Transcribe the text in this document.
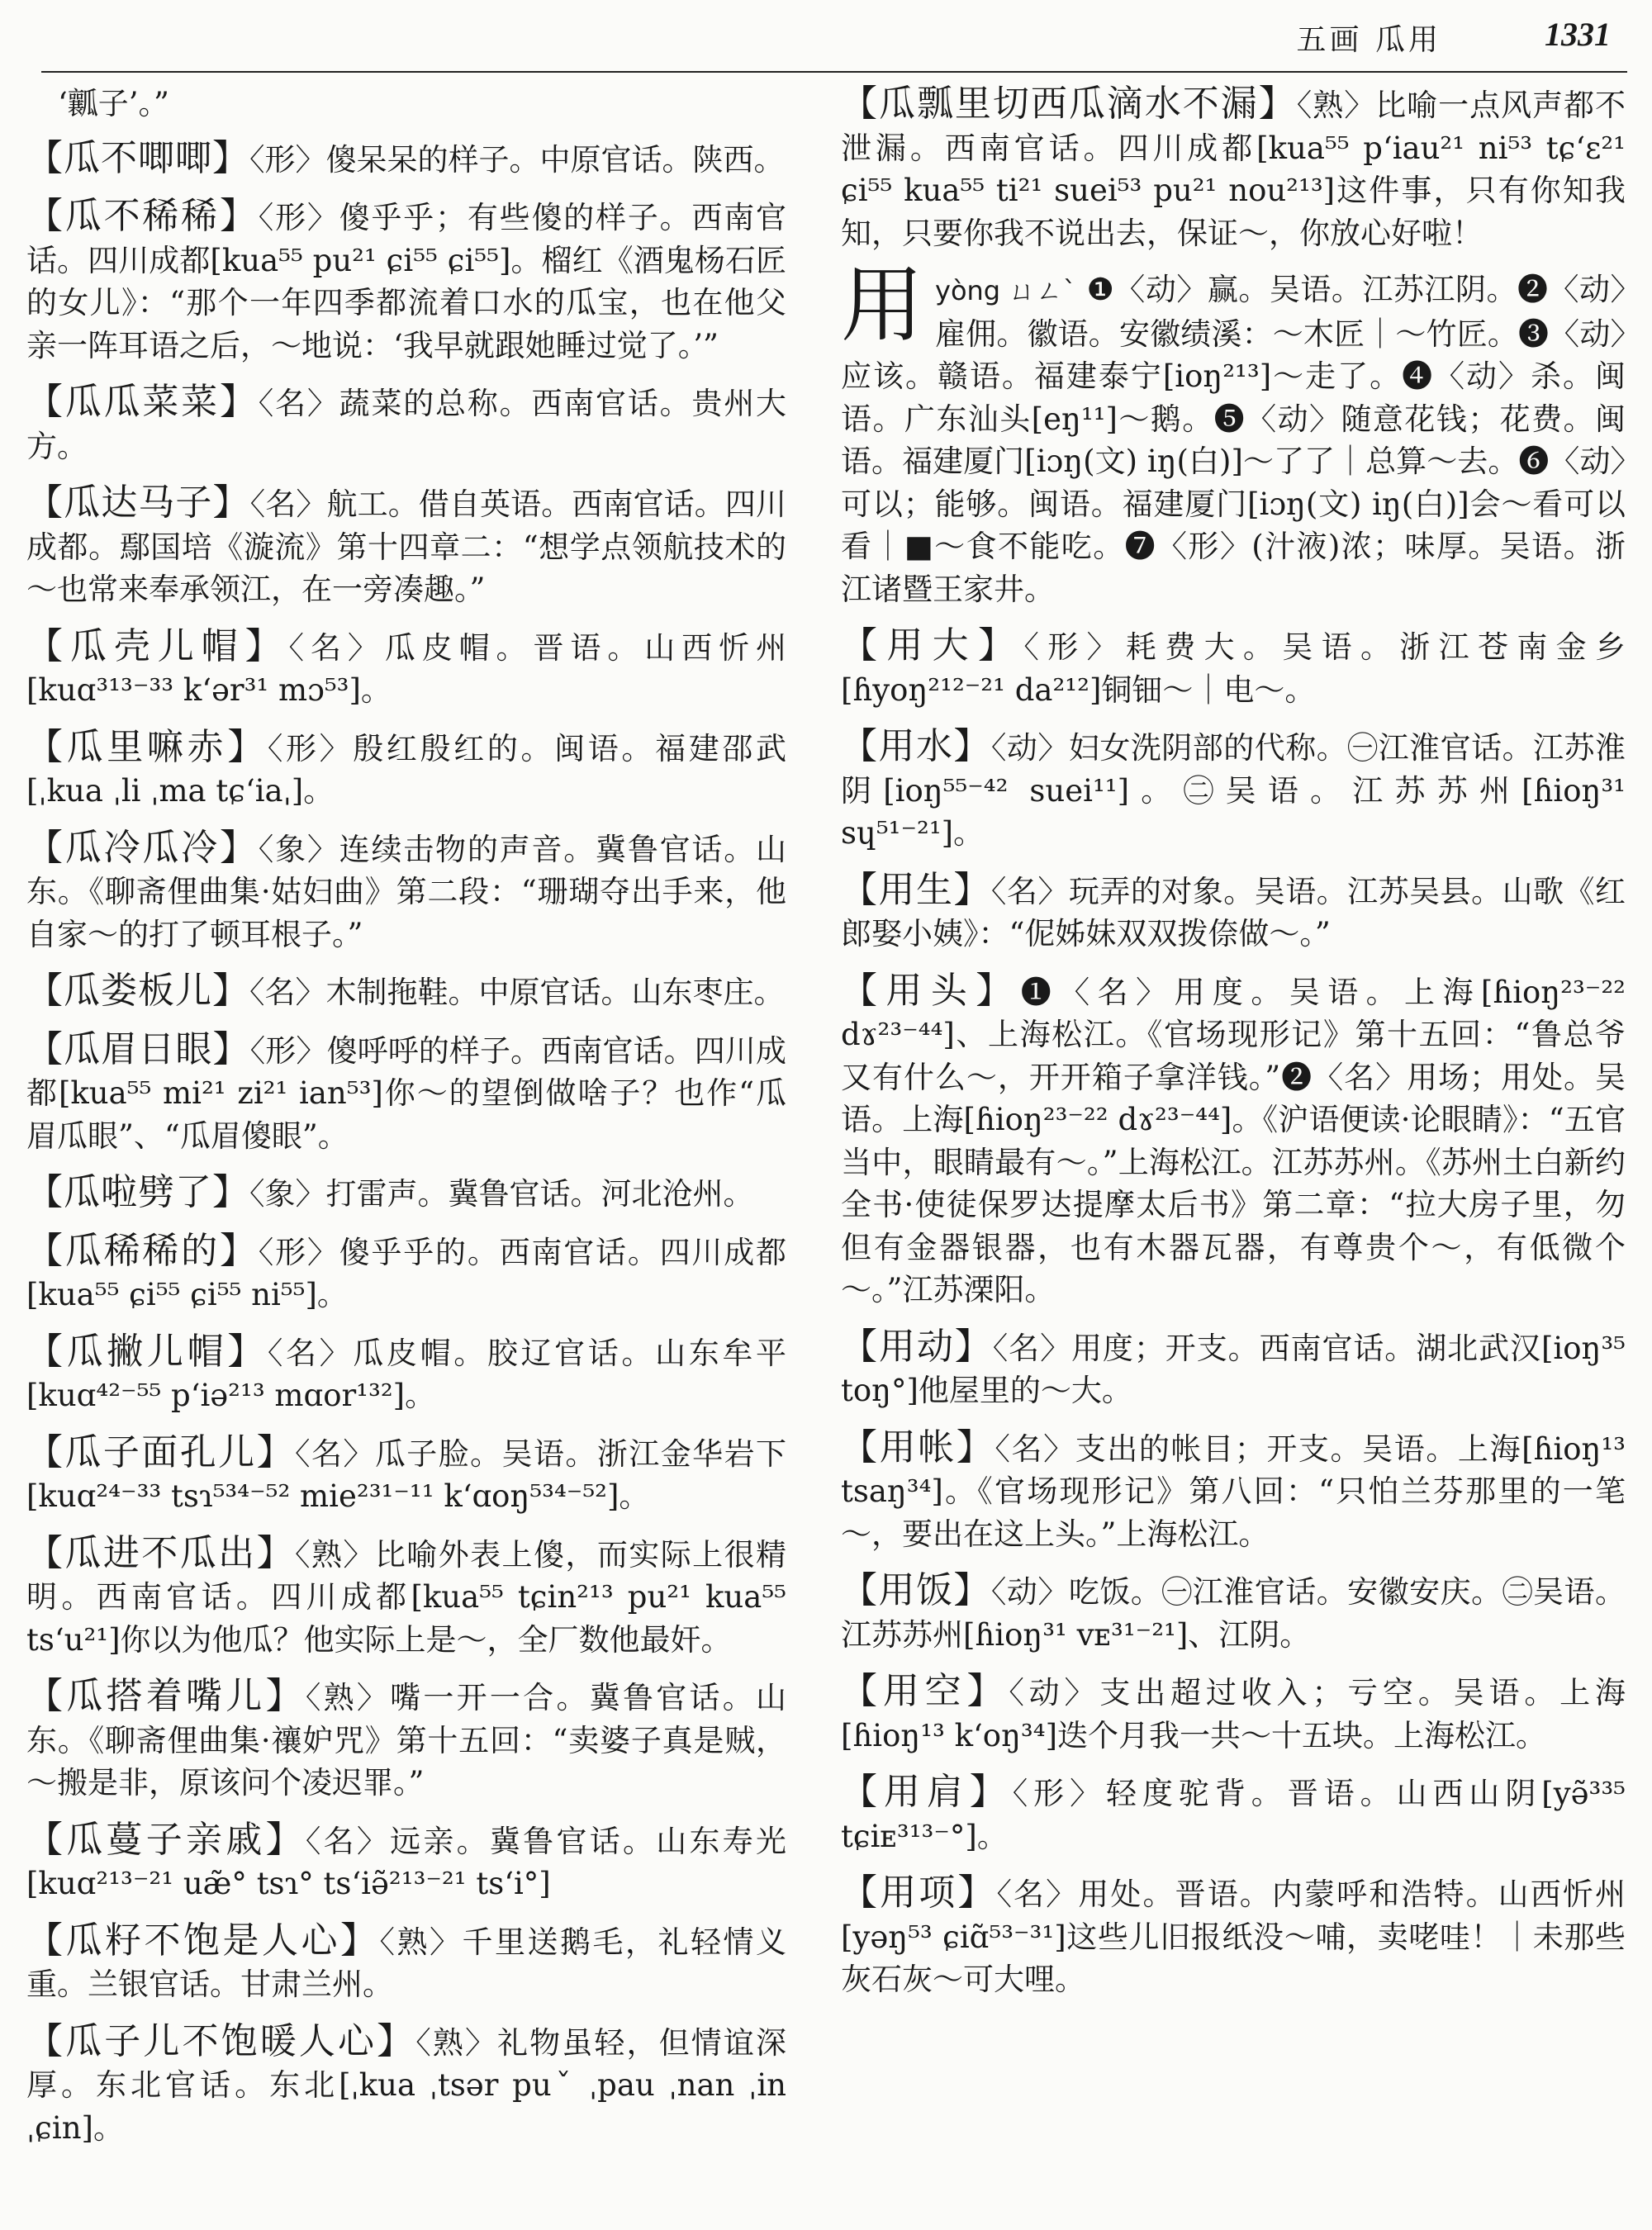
五画 瓜用	1331
‘瓤子’。”
【瓜不唧唧】〈形〉傻呆呆的样子。中原官话。陕西。
【瓜不稀稀】〈形〉傻乎乎；有些傻的样子。西南官话。四川成都[kua⁵⁵ pu²¹ ɕi⁵⁵ ɕi⁵⁵]。榴红《酒鬼杨石匠的女儿》：“那个一年四季都流着口水的瓜宝，也在他父亲一阵耳语之后，～地说：‘我早就跟她睡过觉了。’”
【瓜瓜菜菜】〈名〉蔬菜的总称。西南官话。贵州大方。
【瓜达马子】〈名〉航工。借自英语。西南官话。四川成都。鄢国培《漩流》第十四章二：“想学点领航技术的～也常来奉承领江，在一旁凑趣。”
【瓜壳儿帽】〈名〉瓜皮帽。晋语。山西忻州[kuɑ³¹³⁻³³ k‘ər³¹ mɔ⁵³]。
【瓜里嘛赤】〈形〉殷红殷红的。闽语。福建邵武[ˌkua ˌli ˌma tɕ‘iaˌ]。
【瓜冷瓜冷】〈象〉连续击物的声音。冀鲁官话。山东。《聊斋俚曲集·姑妇曲》第二段：“珊瑚夺出手来，他自家～的打了顿耳根子。”
【瓜娄板儿】〈名〉木制拖鞋。中原官话。山东枣庄。
【瓜眉日眼】〈形〉傻呼呼的样子。西南官话。四川成都[kua⁵⁵ mi²¹ zi²¹ ian⁵³]你～的望倒做啥子？也作“瓜眉瓜眼”、“瓜眉傻眼”。
【瓜啦劈了】〈象〉打雷声。冀鲁官话。河北沧州。
【瓜稀稀的】〈形〉傻乎乎的。西南官话。四川成都[kua⁵⁵ ɕi⁵⁵ ɕi⁵⁵ ni⁵⁵]。
【瓜撇儿帽】〈名〉瓜皮帽。胶辽官话。山东牟平[kuɑ⁴²⁻⁵⁵ p‘iə²¹³ mɑor¹³²]。
【瓜子面孔儿】〈名〉瓜子脸。吴语。浙江金华岩下[kuɑ²⁴⁻³³ tsɿ⁵³⁴⁻⁵² mie²³¹⁻¹¹ k‘ɑoŋ⁵³⁴⁻⁵²]。
【瓜进不瓜出】〈熟〉比喻外表上傻，而实际上很精明。西南官话。四川成都[kua⁵⁵ tɕin²¹³ pu²¹ kua⁵⁵ ts‘u²¹]你以为他瓜？他实际上是～，全厂数他最奸。
【瓜搭着嘴儿】〈熟〉嘴一开一合。冀鲁官话。山东。《聊斋俚曲集·禳妒咒》第十五回：“卖婆子真是贼，～搬是非，原该问个凌迟罪。”
【瓜蔓子亲戚】〈名〉远亲。冀鲁官话。山东寿光[kuɑ²¹³⁻²¹ uæ̃° tsɿ° ts‘iə̃²¹³⁻²¹ ts‘i°]
【瓜籽不饱是人心】〈熟〉千里送鹅毛，礼轻情义重。兰银官话。甘肃兰州。
【瓜子儿不饱暖人心】〈熟〉礼物虽轻，但情谊深厚。东北官话。东北[ˌkua ˌtsər puˇ ˌpau ˌnan ˌin ˌɕin]。
【瓜瓢里切西瓜滴水不漏】〈熟〉比喻一点风声都不泄漏。西南官话。四川成都[kua⁵⁵ p‘iau²¹ ni⁵³ tɕ‘ɛ²¹ ɕi⁵⁵ kua⁵⁵ ti²¹ suei⁵³ pu²¹ nou²¹³]这件事，只有你知我知，只要你我不说出去，保证～，你放心好啦！
用 yòng ㄩㄥˋ ❶〈动〉赢。吴语。江苏江阴。❷〈动〉雇佣。徽语。安徽绩溪：～木匠｜～竹匠。❸〈动〉应该。赣语。福建泰宁[ioŋ²¹³]～走了。❹〈动〉杀。闽语。广东汕头[eŋ¹¹]～鹅。❺〈动〉随意花钱；花费。闽语。福建厦门[iɔŋ(文) iŋ(白)]～了了｜总算～去。❻〈动〉可以；能够。闽语。福建厦门[iɔŋ(文) iŋ(白)]会～看可以看｜■～食不能吃。❼〈形〉(汁液)浓；味厚。吴语。浙江诸暨王家井。
【用大】〈形〉耗费大。吴语。浙江苍南金乡[ɦyoŋ²¹²⁻²¹ da²¹²]铜钿～｜电～。
【用水】〈动〉妇女洗阴部的代称。㊀江淮官话。江苏淮阴[ioŋ⁵⁵⁻⁴² suei¹¹]。㊁吴语。江苏苏州[ɦioŋ³¹ sɥ⁵¹⁻²¹]。
【用生】〈名〉玩弄的对象。吴语。江苏吴县。山歌《红郎娶小姨》：“伲姊妹双双拨倷做～。”
【用头】❶〈名〉用度。吴语。上海[ɦioŋ²³⁻²² dɤ²³⁻⁴⁴]、上海松江。《官场现形记》第十五回：“鲁总爷又有什么～，开开箱子拿洋钱。”❷〈名〉用场；用处。吴语。上海[ɦioŋ²³⁻²² dɤ²³⁻⁴⁴]。《沪语便读·论眼睛》：“五官当中，眼睛最有～。”上海松江。江苏苏州。《苏州土白新约全书·使徒保罗达提摩太后书》第二章：“拉大房子里，勿但有金器银器，也有木器瓦器，有尊贵个～，有低微个～。”江苏溧阳。
【用动】〈名〉用度；开支。西南官话。湖北武汉[ioŋ³⁵ toŋ°]他屋里的～大。
【用帐】〈名〉支出的帐目；开支。吴语。上海[ɦioŋ¹³ tsaŋ³⁴]。《官场现形记》第八回：“只怕兰芬那里的一笔～，要出在这上头。”上海松江。
【用饭】〈动〉吃饭。㊀江淮官话。安徽安庆。㊁吴语。江苏苏州[ɦioŋ³¹ vᴇ³¹⁻²¹]、江阴。
【用空】〈动〉支出超过收入；亏空。吴语。上海[ɦioŋ¹³ k‘oŋ³⁴]迭个月我一共～十五块。上海松江。
【用肩】〈形〉轻度驼背。晋语。山西山阴[yə̃³³⁵ tɕiᴇ³¹³⁻°]。
【用项】〈名〉用处。晋语。内蒙呼和浩特。山西忻州[yəŋ⁵³ ɕiɑ̃⁵³⁻³¹]这些儿旧报纸没～哺，卖咾哇！｜未那些灰石灰～可大哩。
